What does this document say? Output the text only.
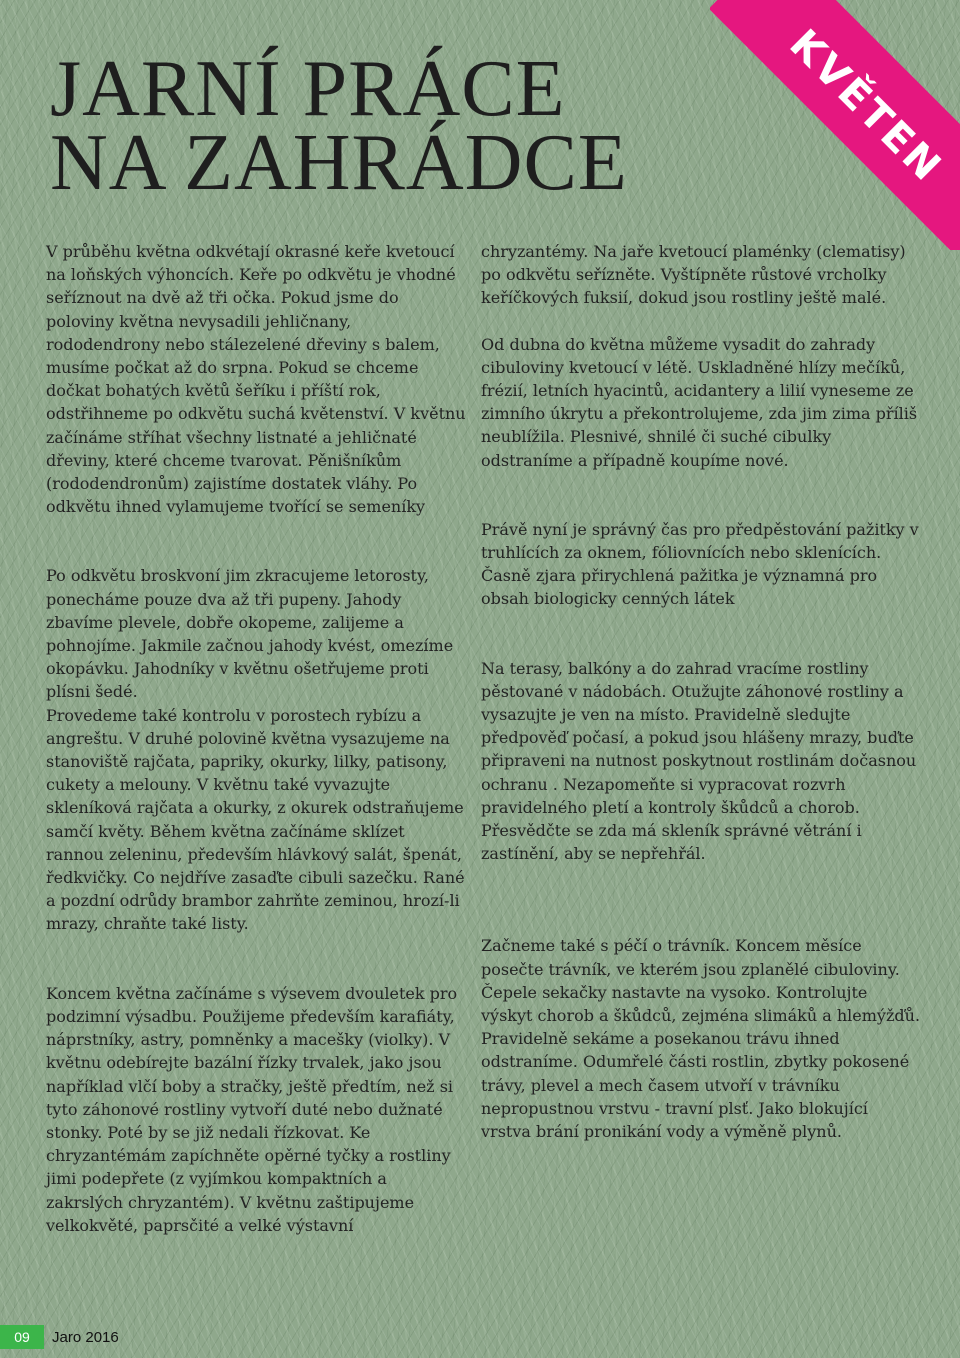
JARNÍ PRÁCE
NA ZAHRÁDCE	KVĚTEN

V průběhu května odkvétají okrasné keře kvetoucí na loňských výhoncích. Keře po odkvětu je vhodné seříznout na dvě až tři očka. Pokud jsme do poloviny května nevysadili jehličnany, rododendrony nebo stálezelené dřeviny s balem, musíme počkat až do srpna. Pokud se chceme dočkat bohatých květů šeříku i příští rok, odstřihneme po odkvětu suchá květenství. V květnu začínáme stříhat všechny listnaté a jehličnaté dřeviny, které chceme tvarovat. Pěnišníkům (rododendronům) zajistíme dostatek vláhy. Po odkvětu ihned vylamujeme tvořící se semeníky

Po odkvětu broskvoní jim zkracujeme letorosty, ponecháme pouze dva až tři pupeny. Jahody zbavíme plevele, dobře okopeme, zalijeme a pohnojíme. Jakmile začnou jahody kvést, omezíme okopávku. Jahodníky v květnu ošetřujeme proti plísni šedé.

Provedeme také kontrolu v porostech rybízu a angreštu. V druhé polovině května vysazujeme na stanoviště rajčata, papriky, okurky, lilky, patisony, cukety a melouny. V květnu také vyvazujte skleníková rajčata a okurky, z okurek odstraňujeme samčí květy. Během května začínáme sklízet rannou zeleninu, především hlávkový salát, špenát, ředkvičky. Co nejdříve zasaďte cibuli sazečku. Rané a pozdní odrůdy brambor zahrňte zeminou, hrozí-li mrazy, chraňte také listy.

Koncem května začínáme s výsevem dvouletek pro podzimní výsadbu. Použijeme především karafiáty, náprstníky, astry, pomněnky a macešky (violky). V květnu odebírejte bazální řízky trvalek, jako jsou například vlčí boby a stračky, ještě předtím, než si tyto záhonové rostliny vytvoří duté nebo dužnaté stonky. Poté by se již nedali řízkovat. Ke chryzantémám zapíchněte opěrné tyčky a rostliny jimi podepřete (z vyjímkou kompaktních a zakrslých chryzantém). V květnu zaštipujeme velkokvěté, paprsčité a velké výstavní

chryzantémy. Na jaře kvetoucí plaménky (clematisy) po odkvětu seřízněte. Vyštípněte růstové vrcholky keříčkových fuksií, dokud jsou rostliny ještě malé.

Od dubna do května můžeme vysadit do zahrady cibuloviny kvetoucí v létě. Uskladněné hlízy mečíků, frézií, letních hyacintů, acidantery a lilií vyneseme ze zimního úkrytu a překontrolujeme, zda jim zima příliš neublížila. Plesnivé, shnilé či suché cibulky odstraníme a případně koupíme nové.

Právě nyní je správný čas pro předpěstování pažitky v truhlících za oknem, fóliovnících nebo sklenících. Časně zjara přirychlená pažitka je významná pro obsah biologicky cenných látek

Na terasy, balkóny a do zahrad vracíme rostliny pěstované v nádobách. Otužujte záhonové rostliny a vysazujte je ven na místo. Pravidelně sledujte předpověď počasí, a pokud jsou hlášeny mrazy, buďte připraveni na nutnost poskytnout rostlinám dočasnou ochranu . Nezapomeňte si vypracovat rozvrh pravidelného pletí a kontroly škůdců a chorob. Přesvědčte se zda má skleník správné větrání i zastínění, aby se nepřehřál.

Začneme také s péčí o trávník. Koncem měsíce posečte trávník, ve kterém jsou zplanělé cibuloviny. Čepele sekačky nastavte na vysoko. Kontrolujte výskyt chorob a škůdců, zejména slimáků a hlemýžďů. Pravidelně sekáme a posekanou trávu ihned odstraníme. Odumřelé části rostlin, zbytky pokosené trávy, plevel a mech časem utvoří v trávníku nepropustnou vrstvu - travní plsť. Jako blokující vrstva brání pronikání vody a výměně plynů.

09	Jaro 2016
